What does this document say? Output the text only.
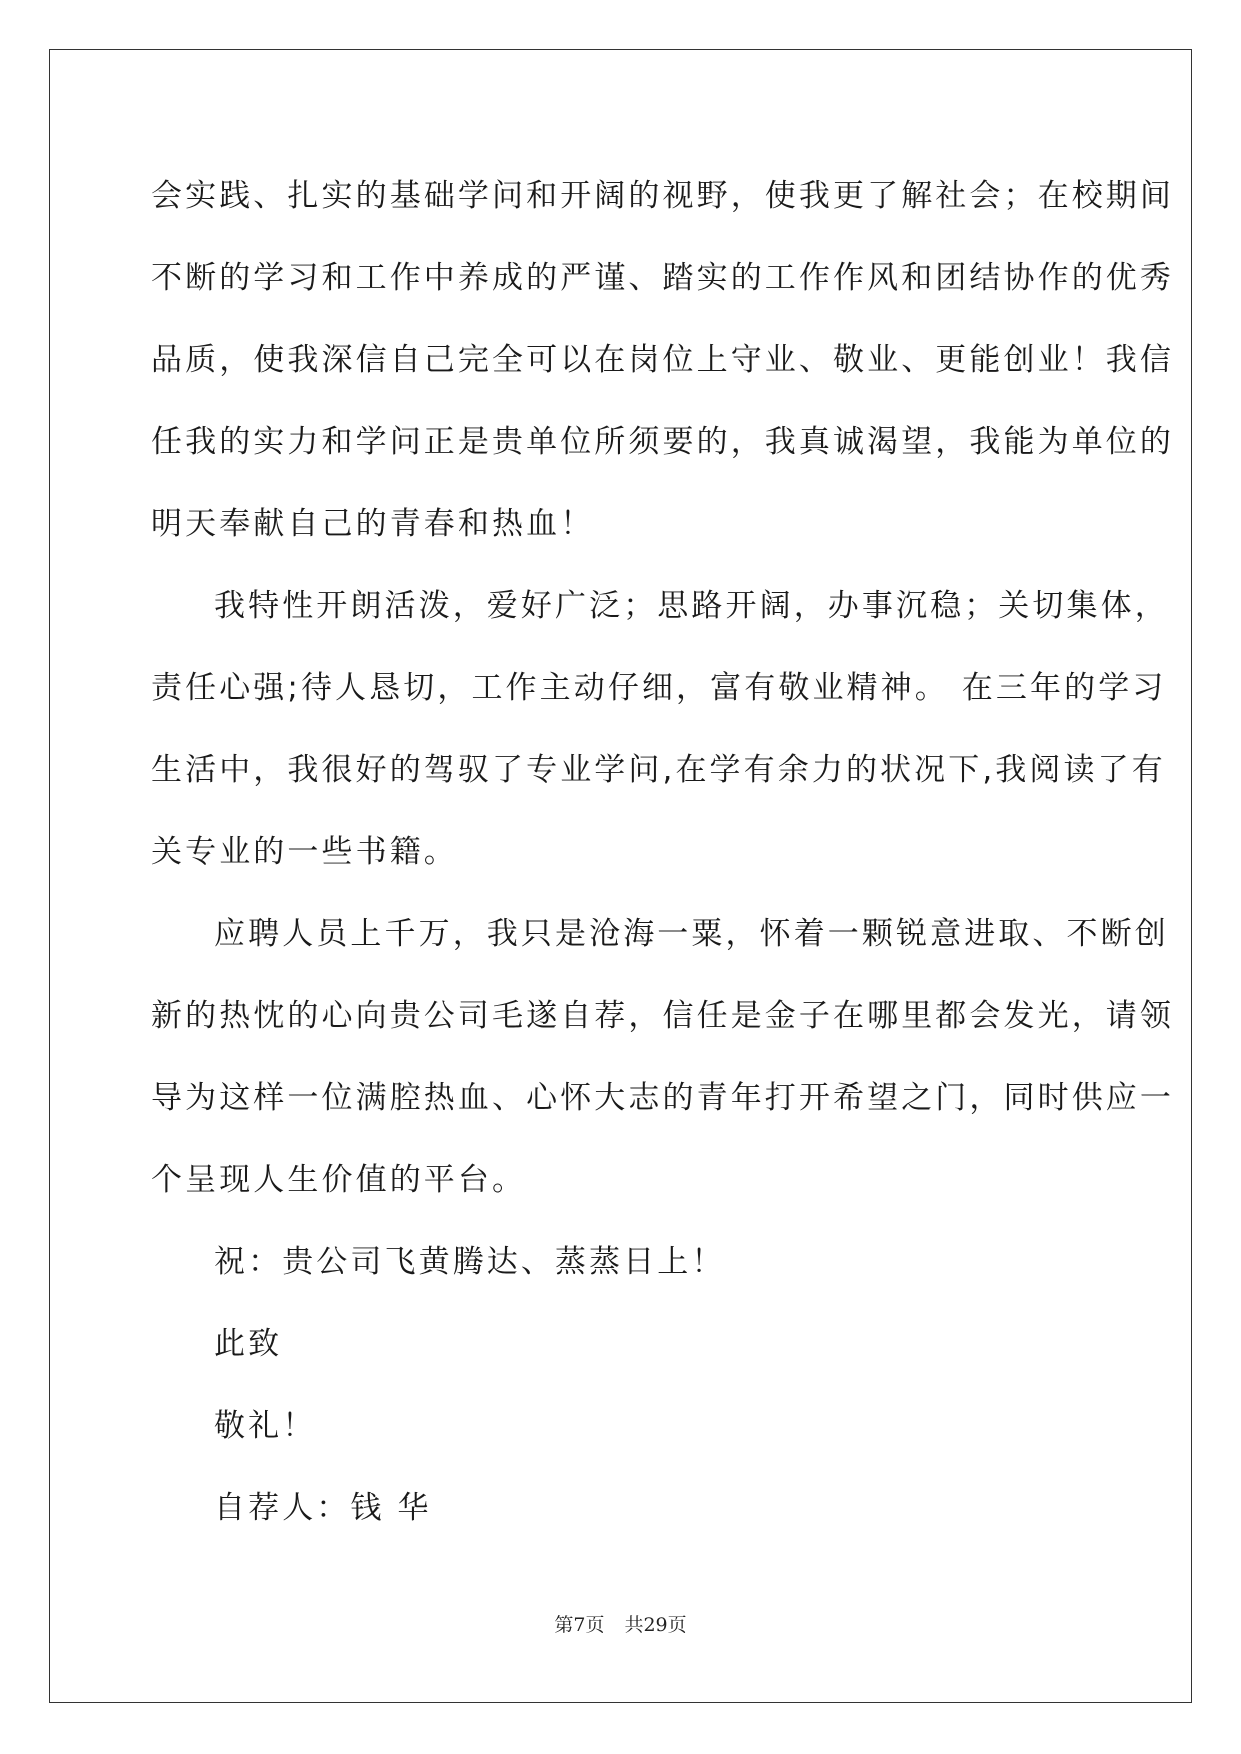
会实践、扎实的基础学问和开阔的视野，使我更了解社会；在校期间

不断的学习和工作中养成的严谨、踏实的工作作风和团结协作的优秀

品质，使我深信自己完全可以在岗位上守业、敬业、更能创业！我信

任我的实力和学问正是贵单位所须要的，我真诚渴望，我能为单位的

明天奉献自己的青春和热血！

我特性开朗活泼，爱好广泛；思路开阔，办事沉稳；关切集体，

责任心强;待人恳切，工作主动仔细，富有敬业精神。 在三年的学习

生活中，我很好的驾驭了专业学问,在学有余力的状况下,我阅读了有

关专业的一些书籍。

应聘人员上千万，我只是沧海一粟，怀着一颗锐意进取、不断创

新的热忱的心向贵公司毛遂自荐，信任是金子在哪里都会发光，请领

导为这样一位满腔热血、心怀大志的青年打开希望之门，同时供应一

个呈现人生价值的平台。

祝：贵公司飞黄腾达、蒸蒸日上！

此致

敬礼！

自荐人：钱 华

第7页 共29页
